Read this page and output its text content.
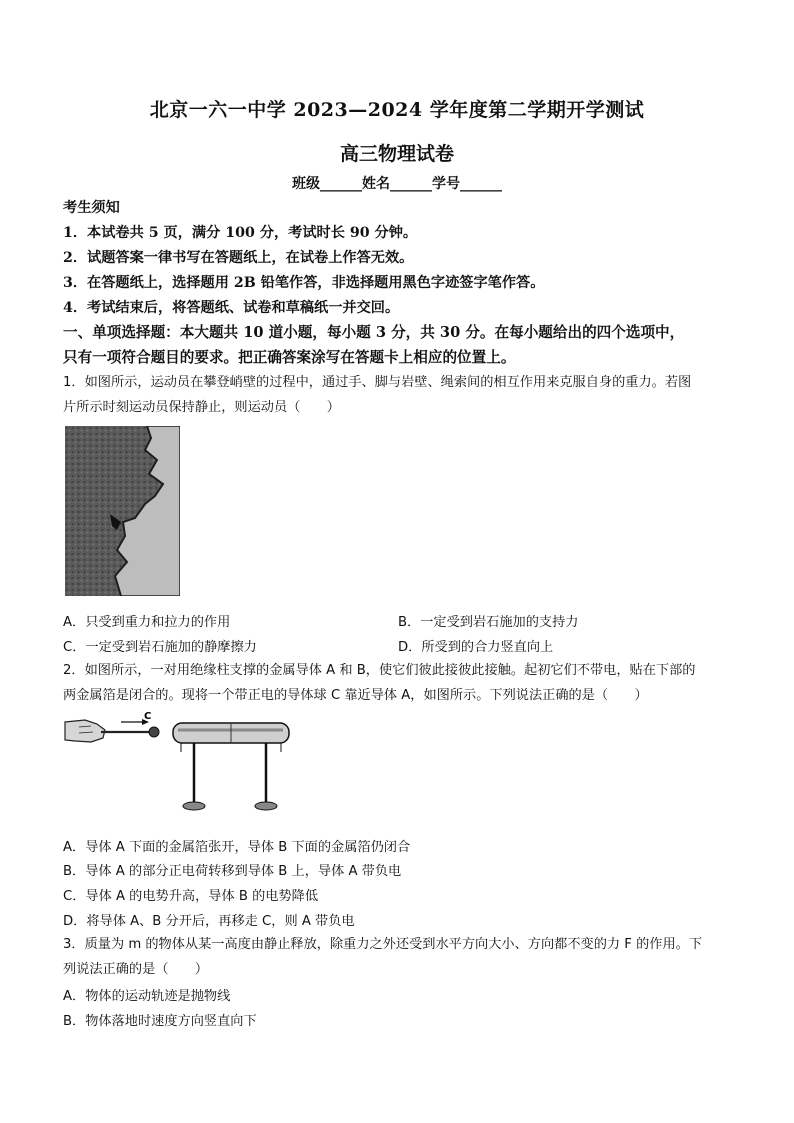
北京一六一中学 2023—2024 学年度第二学期开学测试
高三物理试卷
班级______姓名______学号______
考生须知
1．本试卷共 5 页，满分 100 分，考试时长 90 分钟。
2．试题答案一律书写在答题纸上，在试卷上作答无效。
3．在答题纸上，选择题用 2B 铅笔作答，非选择题用黑色字迹签字笔作答。
4．考试结束后，将答题纸、试卷和草稿纸一并交回。
一、单项选择题：本大题共 10 道小题，每小题 3 分，共 30 分。在每小题给出的四个选项中，
只有一项符合题目的要求。把正确答案涂写在答题卡上相应的位置上。
1．如图所示，运动员在攀登峭壁的过程中，通过手、脚与岩壁、绳索间的相互作用来克服自身的重力。若图
片所示时刻运动员保持静止，则运动员（　　）
A．只受到重力和拉力的作用	B．一定受到岩石施加的支持力
C．一定受到岩石施加的静摩擦力	D．所受到的合力竖直向上
2．如图所示，一对用绝缘柱支撑的金属导体 A 和 B，使它们彼此接彼此接触。起初它们不带电，贴在下部的
两金属箔是闭合的。现将一个带正电的导体球 C 靠近导体 A，如图所示。下列说法正确的是（　　）
C
A．导体 A 下面的金属箔张开，导体 B 下面的金属箔仍闭合
B．导体 A 的部分正电荷转移到导体 B 上，导体 A 带负电
C．导体 A 的电势升高，导体 B 的电势降低
D．将导体 A、B 分开后，再移走 C，则 A 带负电
3．质量为 m 的物体从某一高度由静止释放，除重力之外还受到水平方向大小、方向都不变的力 F 的作用。下
列说法正确的是（　　）
A．物体的运动轨迹是抛物线
B．物体落地时速度方向竖直向下
